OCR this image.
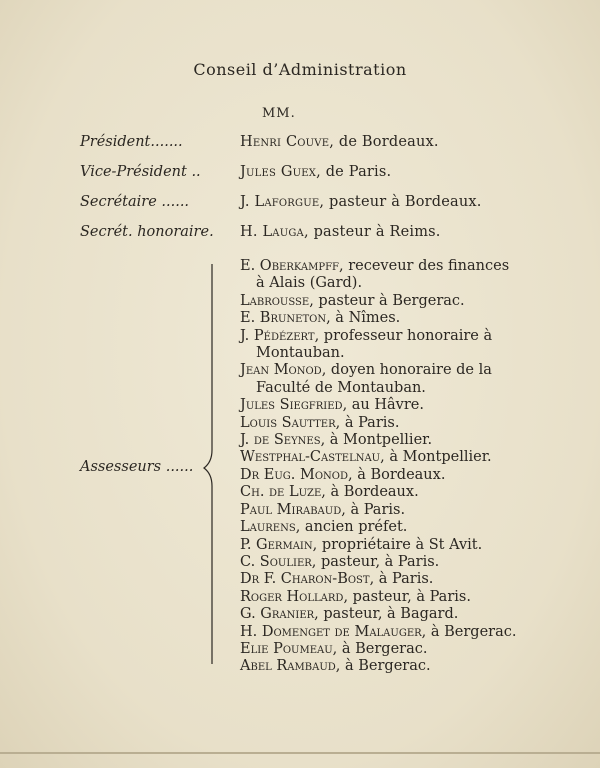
Conseil d’Administration
MM.
Président.......	Henri Couve, de Bordeaux.
Vice-Président ..	Jules Guex, de Paris.
Secrétaire ......	J. Laforgue, pasteur à Bordeaux.
Secrét. honoraire. H. Lauga, pasteur à Reims.
Assesseurs ......
E. Oberkampff, receveur des finances
à Alais (Gard).
Labrousse, pasteur à Bergerac.
E. Bruneton, à Nîmes.
J. Pédézert, professeur honoraire à
Montauban.
Jean Monod, doyen honoraire de la
Faculté de Montauban.
Jules Siegfried, au Hâvre.
Louis Sautter, à Paris.
J. de Seynes, à Montpellier.
Westphal-Castelnau, à Montpellier.
Dr Eug. Monod, à Bordeaux.
Ch. de Luze, à Bordeaux.
Paul Mirabaud, à Paris.
Laurens, ancien préfet.
P. Germain, propriétaire à St Avit.
C. Soulier, pasteur, à Paris.
Dr F. Charon-Bost, à Paris.
Roger Hollard, pasteur, à Paris.
G. Granier, pasteur, à Bagard.
H. Domenget de Malauger, à Bergerac.
Elie Poumeau, à Bergerac.
Abel Rambaud, à Bergerac.
